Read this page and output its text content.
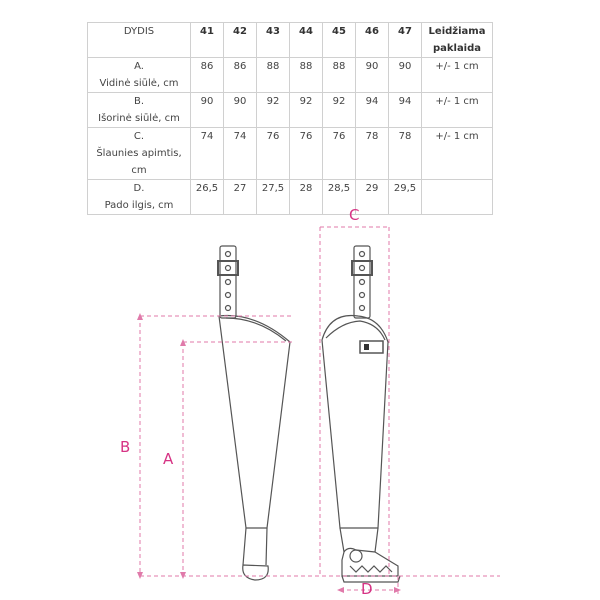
DYDIS	41	42	43	44	45	46	47	Leidžiama
paklaida

A.
Vidinė siūlė, cm	86	86	88	88	88	90	90	+/- 1 cm

B.
Išorinė siūlė, cm	90	90	92	92	92	94	94	+/- 1 cm

C.
Šlaunies apimtis, cm	74	74	76	76	76	78	78	+/- 1 cm

D.
Pado ilgis, cm	26,5	27	27,5	28	28,5	29	29,5	
C
B
A
D
